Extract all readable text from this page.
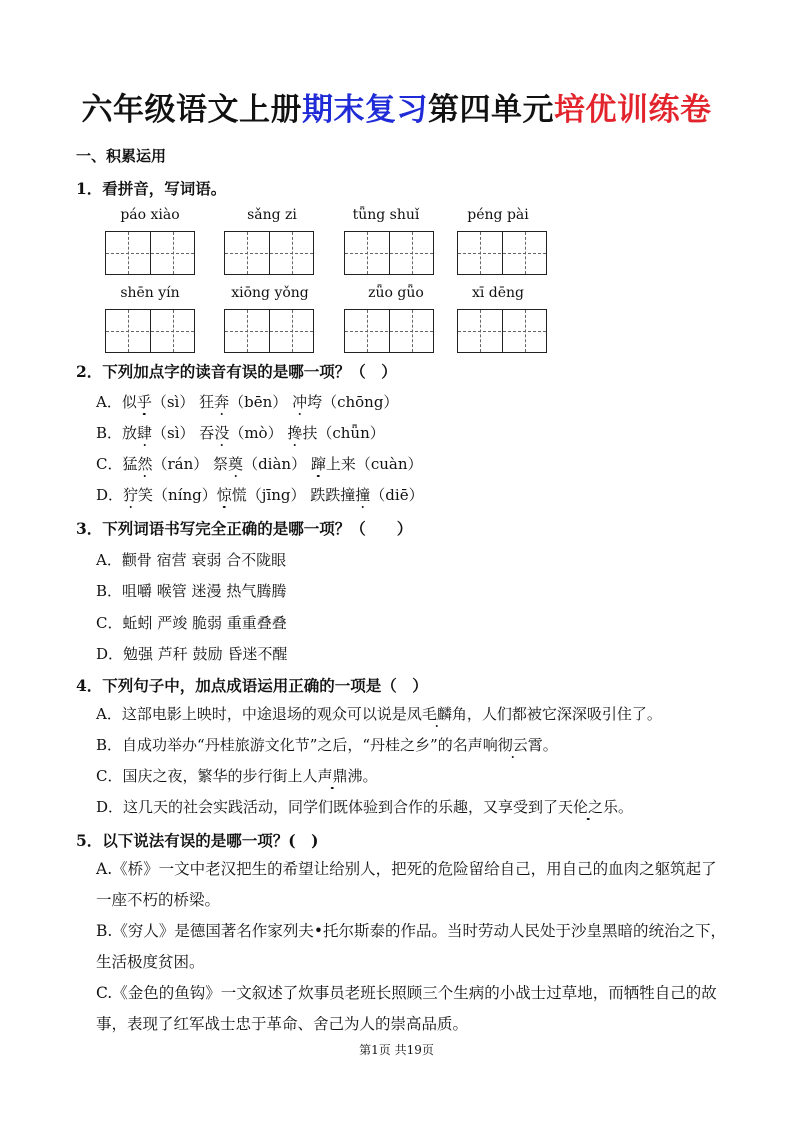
六年级语文上册期末复习第四单元培优训练卷
一、积累运用
1．看拼音，写词语。
páo xiào	sǎng zi	tǖng shuǐ	péng pài
shēn yín	xiōng yǒng	zǖo gǖo	xī dēng
2．下列加点字的读音有误的是哪一项？（　）
A．似乎（sì） 狂奔（bēn） 冲垮（chōng）
B．放肆（sì） 吞没（mò） 搀扶（chǖn）
C．猛然（rán） 祭奠（diàn） 蹿上来（cuàn）
D．狞笑（níng）惊慌（jīng） 跌跌撞撞（diē）
3．下列词语书写完全正确的是哪一项？（　　）
A．颧骨 宿营 衰弱 合不陇眼
B．咀嚼 喉管 迷漫 热气腾腾
C．蚯蚓 严竣 脆弱 重重叠叠
D．勉强 芦秆 鼓励 昏迷不醒
4．下列句子中，加点成语运用正确的一项是（　）
A．这部电影上映时，中途退场的观众可以说是凤毛麟角，人们都被它深深吸引住了。
B．自成功举办“丹桂旅游文化节”之后，“丹桂之乡”的名声响彻云霄。
C．国庆之夜，繁华的步行街上人声鼎沸。
D．这几天的社会实践活动，同学们既体验到合作的乐趣，又享受到了天伦之乐。
5．以下说法有误的是哪一项？(　)
A.《桥》一文中老汉把生的希望让给别人，把死的危险留给自己，用自己的血肉之躯筑起了一座不朽的桥梁。
B.《穷人》是德国著名作家列夫•托尔斯泰的作品。当时劳动人民处于沙皇黑暗的统治之下，生活极度贫困。
C.《金色的鱼钩》一文叙述了炊事员老班长照顾三个生病的小战士过草地，而牺牲自己的故事，表现了红军战士忠于革命、舍己为人的崇高品质。
第1页 共19页
